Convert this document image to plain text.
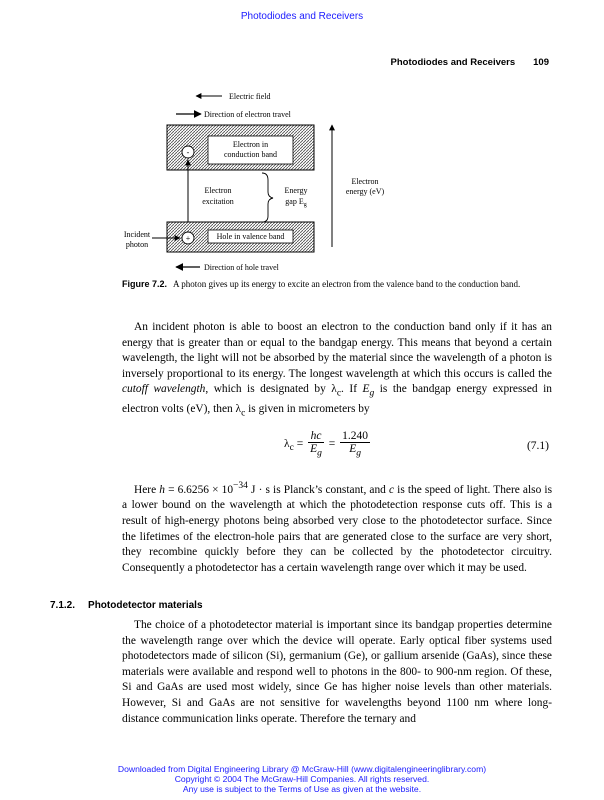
Photodiodes and Receivers
Photodiodes and Receivers 109
Electric field
Direction of electron travel
Electron in
conduction band
-
Electron
excitation
Energy
gap $E_g$
Hole in valence band
+
Incident
photon
Electron
energy (eV)
Direction of hole travel
Figure 7.2. A photon gives up its energy to excite an electron from the valence band to the conduction band.

An incident photon is able to boost an electron to the conduction band only if it has an energy that is greater than or equal to the bandgap energy. This means that beyond a certain wavelength, the light will not be absorbed by the material since the wavelength of a photon is inversely proportional to its energy. The longest wavelength at which this occurs is called the cutoff wavelength, which is designated by $\lambda_c$. If $E_g$ is the bandgap energy expressed in electron volts (eV), then $\lambda_c$ is given in micrometers by

$\lambda_c = \frac{hc}{E_g} = \frac{1.240}{E_g}$	(7.1)

Here $h = 6.6256 \times 10^{-34}$ J · s is Planck’s constant, and c is the speed of light. There also is a lower bound on the wavelength at which the photodetection response cuts off. This is a result of high-energy photons being absorbed very close to the photodetector surface. Since the lifetimes of the electron-hole pairs that are generated close to the surface are very short, they recombine quickly before they can be collected by the photodetector circuitry. Consequently a photodetector has a certain wavelength range over which it may be used.

7.1.2. Photodetector materials

The choice of a photodetector material is important since its bandgap properties determine the wavelength range over which the device will operate. Early optical fiber systems used photodetectors made of silicon (Si), germanium (Ge), or gallium arsenide (GaAs), since these materials were available and respond well to photons in the 800- to 900-nm region. Of these, Si and GaAs are used most widely, since Ge has higher noise levels than other materials. However, Si and GaAs are not sensitive for wavelengths beyond 1100 nm where long-distance communication links operate. Therefore the ternary and

Downloaded from Digital Engineering Library @ McGraw-Hill (www.digitalengineeringlibrary.com)
Copyright © 2004 The McGraw-Hill Companies. All rights reserved.
Any use is subject to the Terms of Use as given at the website.
